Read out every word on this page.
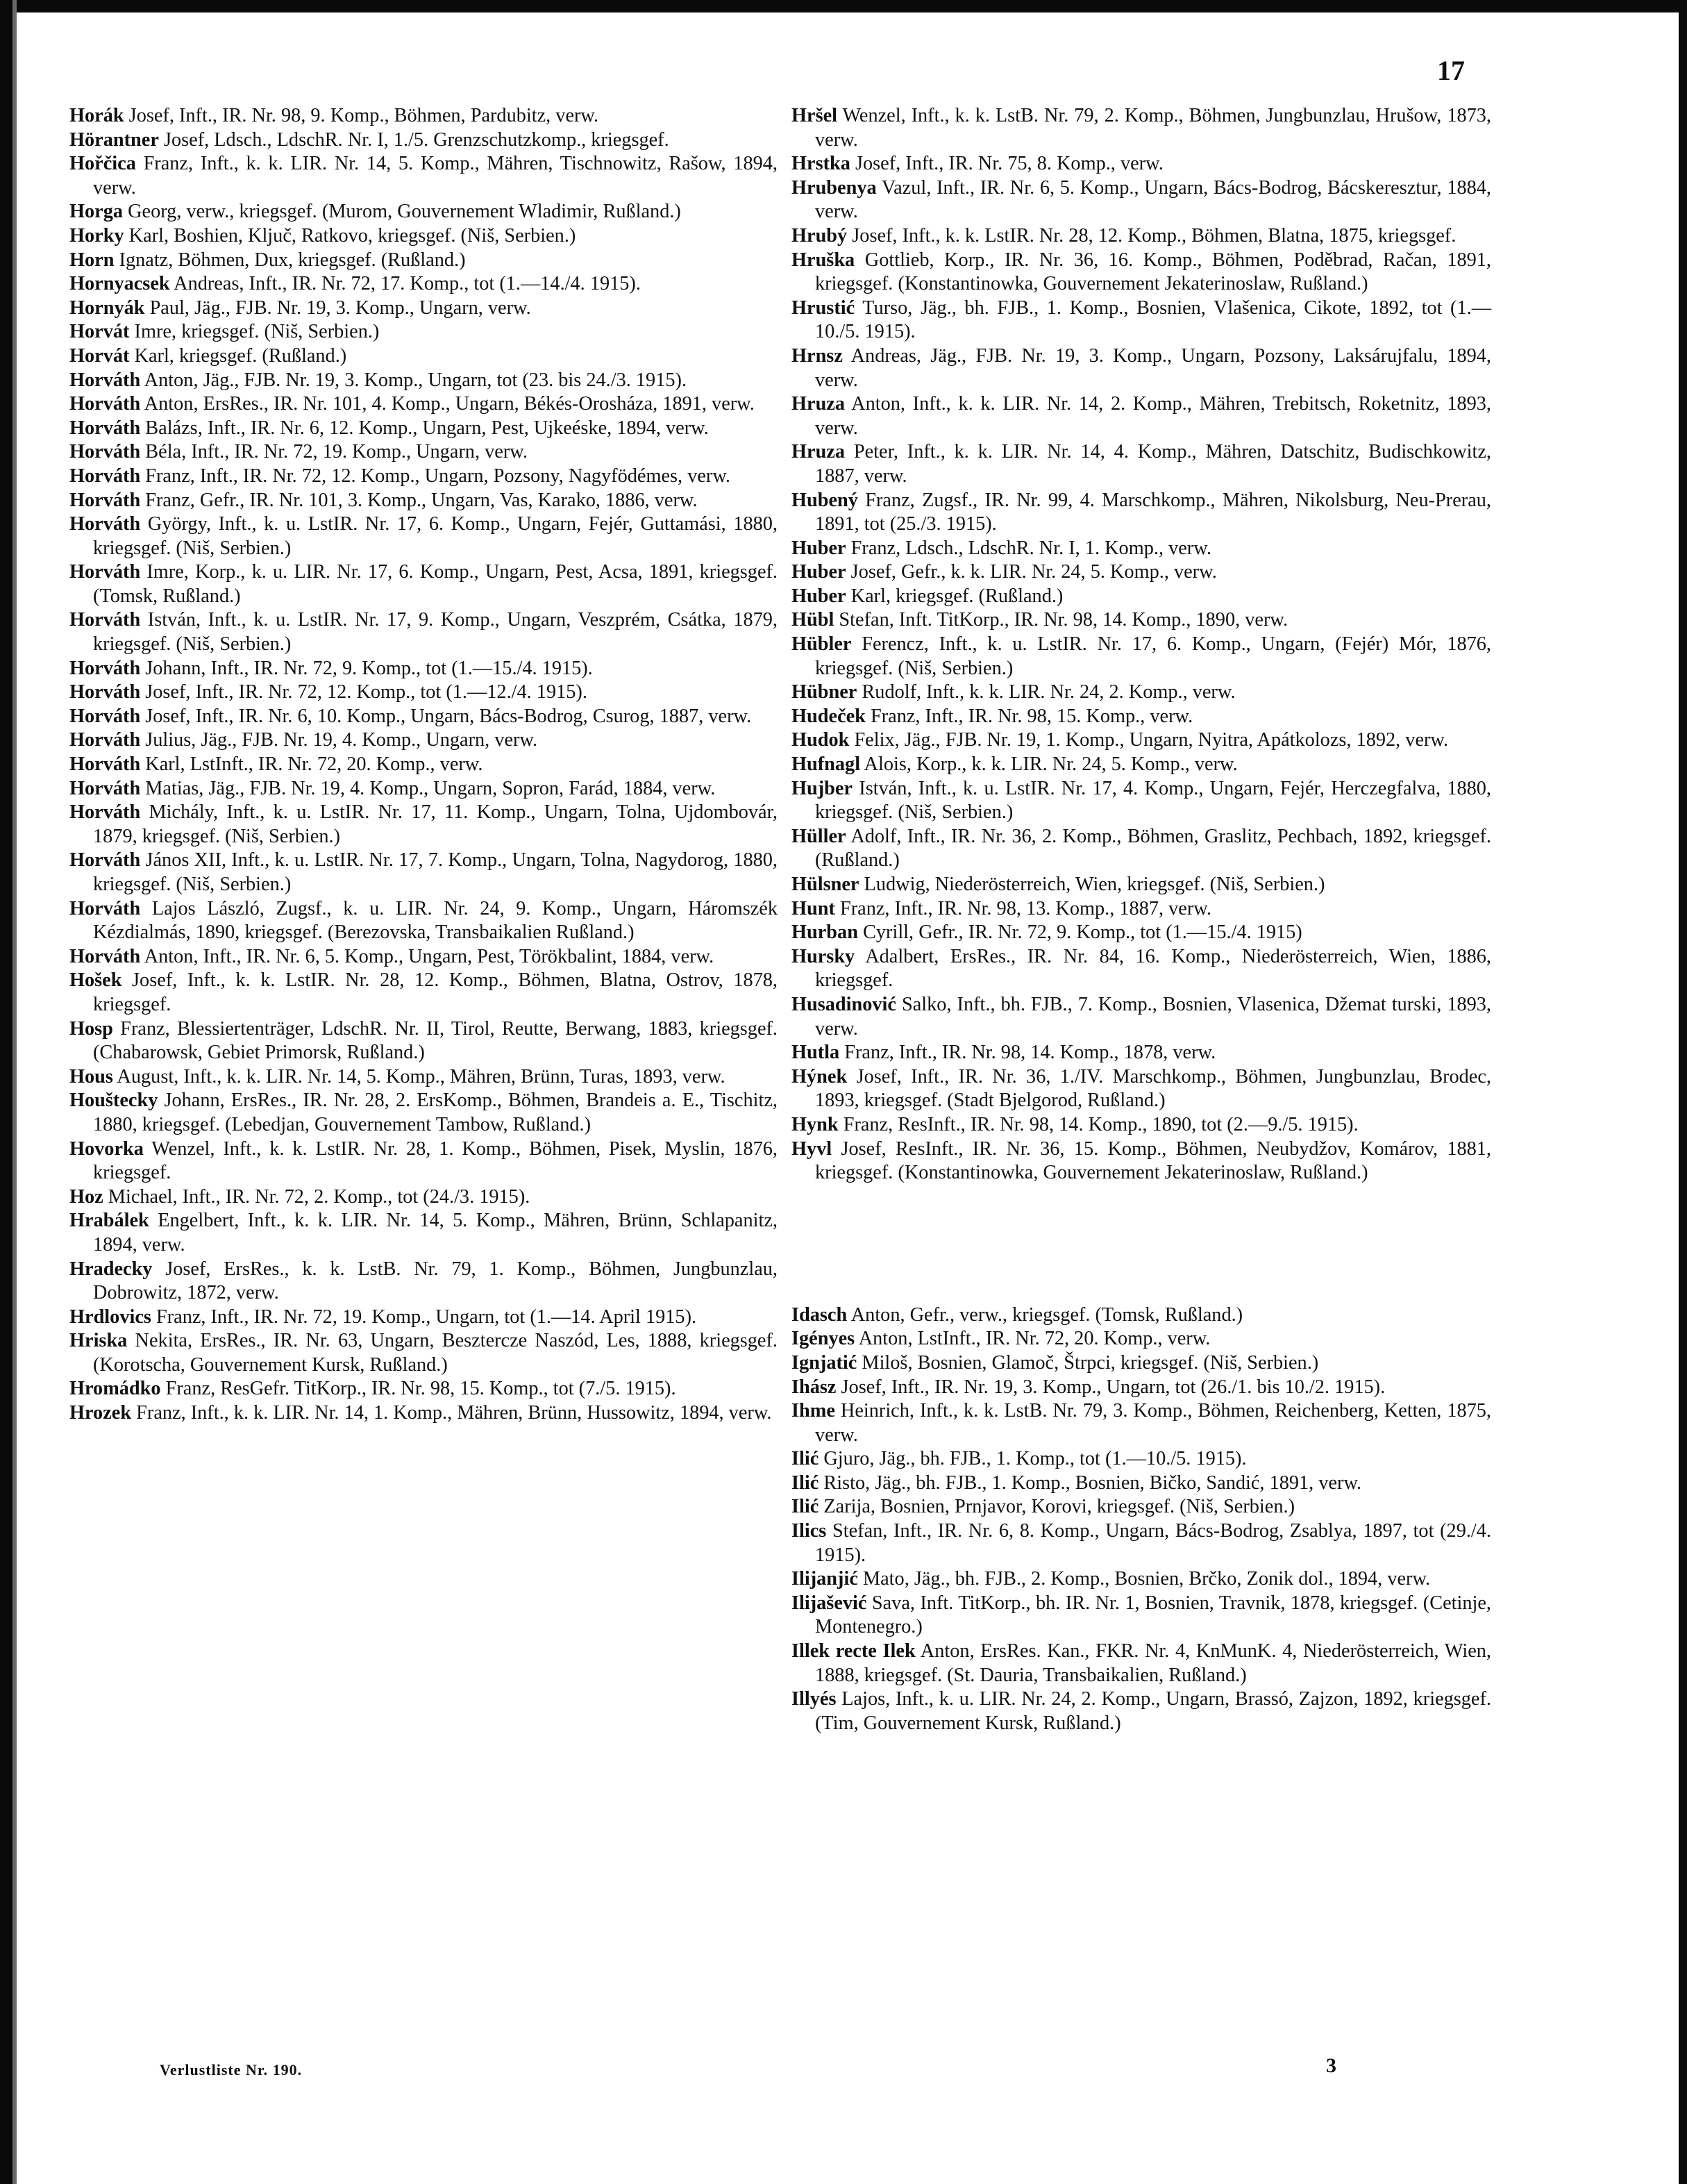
17

Horák Josef, Inft., IR. Nr. 98, 9. Komp., Böhmen, Pardubitz, verw.

Hörantner Josef, Ldsch., LdschR. Nr. I, 1./5. Grenzschutzkomp., kriegsgef.

Hořčica Franz, Inft., k. k. LIR. Nr. 14, 5. Komp., Mähren, Tischnowitz, Rašow, 1894, verw.

Horga Georg, verw., kriegsgef. (Murom, Gouvernement Wladimir, Rußland.)

Horky Karl, Boshien, Ključ, Ratkovo, kriegsgef. (Niš, Serbien.)

Horn Ignatz, Böhmen, Dux, kriegsgef. (Rußland.)

Hornyacsek Andreas, Inft., IR. Nr. 72, 17. Komp., tot (1.—14./4. 1915).

Hornyák Paul, Jäg., FJB. Nr. 19, 3. Komp., Ungarn, verw.

Horvát Imre, kriegsgef. (Niš, Serbien.)

Horvát Karl, kriegsgef. (Rußland.)

Horváth Anton, Jäg., FJB. Nr. 19, 3. Komp., Ungarn, tot (23. bis 24./3. 1915).

Horváth Anton, ErsRes., IR. Nr. 101, 4. Komp., Ungarn, Békés-Orosháza, 1891, verw.

Horváth Balázs, Inft., IR. Nr. 6, 12. Komp., Ungarn, Pest, Ujkeéske, 1894, verw.

Horváth Béla, Inft., IR. Nr. 72, 19. Komp., Ungarn, verw.

Horváth Franz, Inft., IR. Nr. 72, 12. Komp., Ungarn, Pozsony, Nagyfödémes, verw.

Horváth Franz, Gefr., IR. Nr. 101, 3. Komp., Ungarn, Vas, Karako, 1886, verw.

Horváth György, Inft., k. u. LstIR. Nr. 17, 6. Komp., Ungarn, Fejér, Guttamási, 1880, kriegsgef. (Niš, Serbien.)

Horváth Imre, Korp., k. u. LIR. Nr. 17, 6. Komp., Ungarn, Pest, Acsa, 1891, kriegsgef. (Tomsk, Rußland.)

Horváth István, Inft., k. u. LstIR. Nr. 17, 9. Komp., Ungarn, Veszprém, Csátka, 1879, kriegsgef. (Niš, Serbien.)

Horváth Johann, Inft., IR. Nr. 72, 9. Komp., tot (1.—15./4. 1915).

Horváth Josef, Inft., IR. Nr. 72, 12. Komp., tot (1.—12./4. 1915).

Horváth Josef, Inft., IR. Nr. 6, 10. Komp., Ungarn, Bács-Bodrog, Csurog, 1887, verw.

Horváth Julius, Jäg., FJB. Nr. 19, 4. Komp., Ungarn, verw.

Horváth Karl, LstInft., IR. Nr. 72, 20. Komp., verw.

Horváth Matias, Jäg., FJB. Nr. 19, 4. Komp., Ungarn, Sopron, Farád, 1884, verw.

Horváth Michály, Inft., k. u. LstIR. Nr. 17, 11. Komp., Ungarn, Tolna, Ujdombovár, 1879, kriegsgef. (Niš, Serbien.)

Horváth János XII, Inft., k. u. LstIR. Nr. 17, 7. Komp., Ungarn, Tolna, Nagydorog, 1880, kriegsgef. (Niš, Serbien.)

Horváth Lajos László, Zugsf., k. u. LIR. Nr. 24, 9. Komp., Ungarn, Háromszék Kézdialmás, 1890, kriegsgef. (Berezovska, Transbaikalien Rußland.)

Horváth Anton, Inft., IR. Nr. 6, 5. Komp., Ungarn, Pest, Törökbalint, 1884, verw.

Hošek Josef, Inft., k. k. LstIR. Nr. 28, 12. Komp., Böhmen, Blatna, Ostrov, 1878, kriegsgef.

Hosp Franz, Blessiertenträger, LdschR. Nr. II, Tirol, Reutte, Berwang, 1883, kriegsgef. (Chabarowsk, Gebiet Primorsk, Rußland.)

Hous August, Inft., k. k. LIR. Nr. 14, 5. Komp., Mähren, Brünn, Turas, 1893, verw.

Houštecky Johann, ErsRes., IR. Nr. 28, 2. ErsKomp., Böhmen, Brandeis a. E., Tischitz, 1880, kriegsgef. (Lebedjan, Gouvernement Tambow, Rußland.)

Hovorka Wenzel, Inft., k. k. LstIR. Nr. 28, 1. Komp., Böhmen, Pisek, Myslin, 1876, kriegsgef.

Hoz Michael, Inft., IR. Nr. 72, 2. Komp., tot (24./3. 1915).

Hrabálek Engelbert, Inft., k. k. LIR. Nr. 14, 5. Komp., Mähren, Brünn, Schlapanitz, 1894, verw.

Hradecky Josef, ErsRes., k. k. LstB. Nr. 79, 1. Komp., Böhmen, Jungbunzlau, Dobrowitz, 1872, verw.

Hrdlovics Franz, Inft., IR. Nr. 72, 19. Komp., Ungarn, tot (1.—14. April 1915).

Hriska Nekita, ErsRes., IR. Nr. 63, Ungarn, Beszterczе Naszód, Les, 1888, kriegsgef. (Korotscha, Gouvernement Kursk, Rußland.)

Hromádko Franz, ResGefr. TitKorp., IR. Nr. 98, 15. Komp., tot (7./5. 1915).

Hrozek Franz, Inft., k. k. LIR. Nr. 14, 1. Komp., Mähren, Brünn, Hussowitz, 1894, verw.

Hršel Wenzel, Inft., k. k. LstB. Nr. 79, 2. Komp., Böhmen, Jungbunzlau, Hrušow, 1873, verw.

Hrstka Josef, Inft., IR. Nr. 75, 8. Komp., verw.

Hrubenya Vazul, Inft., IR. Nr. 6, 5. Komp., Ungarn, Bács-Bodrog, Bácskeresztur, 1884, verw.

Hrubý Josef, Inft., k. k. LstIR. Nr. 28, 12. Komp., Böhmen, Blatna, 1875, kriegsgef.

Hruška Gottlieb, Korp., IR. Nr. 36, 16. Komp., Böhmen, Poděbrad, Račan, 1891, kriegsgef. (Konstantinowka, Gouvernement Jekaterinoslaw, Rußland.)

Hrustić Turso, Jäg., bh. FJB., 1. Komp., Bosnien, Vlašenica, Cikote, 1892, tot (1.—10./5. 1915).

Hrnsz Andreas, Jäg., FJB. Nr. 19, 3. Komp., Ungarn, Pozsony, Laksárujfalu, 1894, verw.

Hruza Anton, Inft., k. k. LIR. Nr. 14, 2. Komp., Mähren, Trebitsch, Roketnitz, 1893, verw.

Hruza Peter, Inft., k. k. LIR. Nr. 14, 4. Komp., Mähren, Datschitz, Budischkowitz, 1887, verw.

Hubený Franz, Zugsf., IR. Nr. 99, 4. Marschkomp., Mähren, Nikolsburg, Neu-Prerau, 1891, tot (25./3. 1915).

Huber Franz, Ldsch., LdschR. Nr. I, 1. Komp., verw.

Huber Josef, Gefr., k. k. LIR. Nr. 24, 5. Komp., verw.

Huber Karl, kriegsgef. (Rußland.)

Hübl Stefan, Inft. TitKorp., IR. Nr. 98, 14. Komp., 1890, verw.

Hübler Ferencz, Inft., k. u. LstIR. Nr. 17, 6. Komp., Ungarn, (Fejér) Mór, 1876, kriegsgef. (Niš, Serbien.)

Hübner Rudolf, Inft., k. k. LIR. Nr. 24, 2. Komp., verw.

Hudeček Franz, Inft., IR. Nr. 98, 15. Komp., verw.

Hudok Felix, Jäg., FJB. Nr. 19, 1. Komp., Ungarn, Nyitra, Apátkolozs, 1892, verw.

Hufnagl Alois, Korp., k. k. LIR. Nr. 24, 5. Komp., verw.

Hujber István, Inft., k. u. LstIR. Nr. 17, 4. Komp., Ungarn, Fejér, Herczegfalva, 1880, kriegsgef. (Niš, Serbien.)

Hüller Adolf, Inft., IR. Nr. 36, 2. Komp., Böhmen, Graslitz, Pechbach, 1892, kriegsgef. (Rußland.)

Hülsner Ludwig, Niederösterreich, Wien, kriegsgef. (Niš, Serbien.)

Hunt Franz, Inft., IR. Nr. 98, 13. Komp., 1887, verw.

Hurban Cyrill, Gefr., IR. Nr. 72, 9. Komp., tot (1.—15./4. 1915)

Hursky Adalbert, ErsRes., IR. Nr. 84, 16. Komp., Niederösterreich, Wien, 1886, kriegsgef.

Husadinović Salko, Inft., bh. FJB., 7. Komp., Bosnien, Vlasenica, Džemat turski, 1893, verw.

Hutla Franz, Inft., IR. Nr. 98, 14. Komp., 1878, verw.

Hýnek Josef, Inft., IR. Nr. 36, 1./IV. Marschkomp., Böhmen, Jungbunzlau, Brodec, 1893, kriegsgef. (Stadt Bjelgorod, Rußland.)

Hynk Franz, ResInft., IR. Nr. 98, 14. Komp., 1890, tot (2.—9./5. 1915).

Hyvl Josef, ResInft., IR. Nr. 36, 15. Komp., Böhmen, Neubydžov, Komárov, 1881, kriegsgef. (Konstantinowka, Gouvernement Jekaterinoslaw, Rußland.)

Idasch Anton, Gefr., verw., kriegsgef. (Tomsk, Rußland.)

Igényes Anton, LstInft., IR. Nr. 72, 20. Komp., verw.

Ignjatić Miloš, Bosnien, Glamoč, Štrpci, kriegsgef. (Niš, Serbien.)

Ihász Josef, Inft., IR. Nr. 19, 3. Komp., Ungarn, tot (26./1. bis 10./2. 1915).

Ihme Heinrich, Inft., k. k. LstB. Nr. 79, 3. Komp., Böhmen, Reichenberg, Ketten, 1875, verw.

Ilić Gjuro, Jäg., bh. FJB., 1. Komp., tot (1.—10./5. 1915).

Ilić Risto, Jäg., bh. FJB., 1. Komp., Bosnien, Bičko, Sandić, 1891, verw.

Ilić Zarija, Bosnien, Prnjavor, Korovi, kriegsgef. (Niš, Serbien.)

Ilics Stefan, Inft., IR. Nr. 6, 8. Komp., Ungarn, Bács-Bodrog, Zsablya, 1897, tot (29./4. 1915).

Ilijanjić Mato, Jäg., bh. FJB., 2. Komp., Bosnien, Brčko, Zonik dol., 1894, verw.

Ilijašević Sava, Inft. TitKorp., bh. IR. Nr. 1, Bosnien, Travnik, 1878, kriegsgef. (Cetinje, Montenegro.)

Illek recte Ilek Anton, ErsRes. Kan., FKR. Nr. 4, KnMunK. 4, Niederösterreich, Wien, 1888, kriegsgef. (St. Dauria, Transbaikalien, Rußland.)

Illyés Lajos, Inft., k. u. LIR. Nr. 24, 2. Komp., Ungarn, Brassó, Zajzon, 1892, kriegsgef. (Tim, Gouvernement Kursk, Rußland.)

Verlustliste Nr. 190.	3
